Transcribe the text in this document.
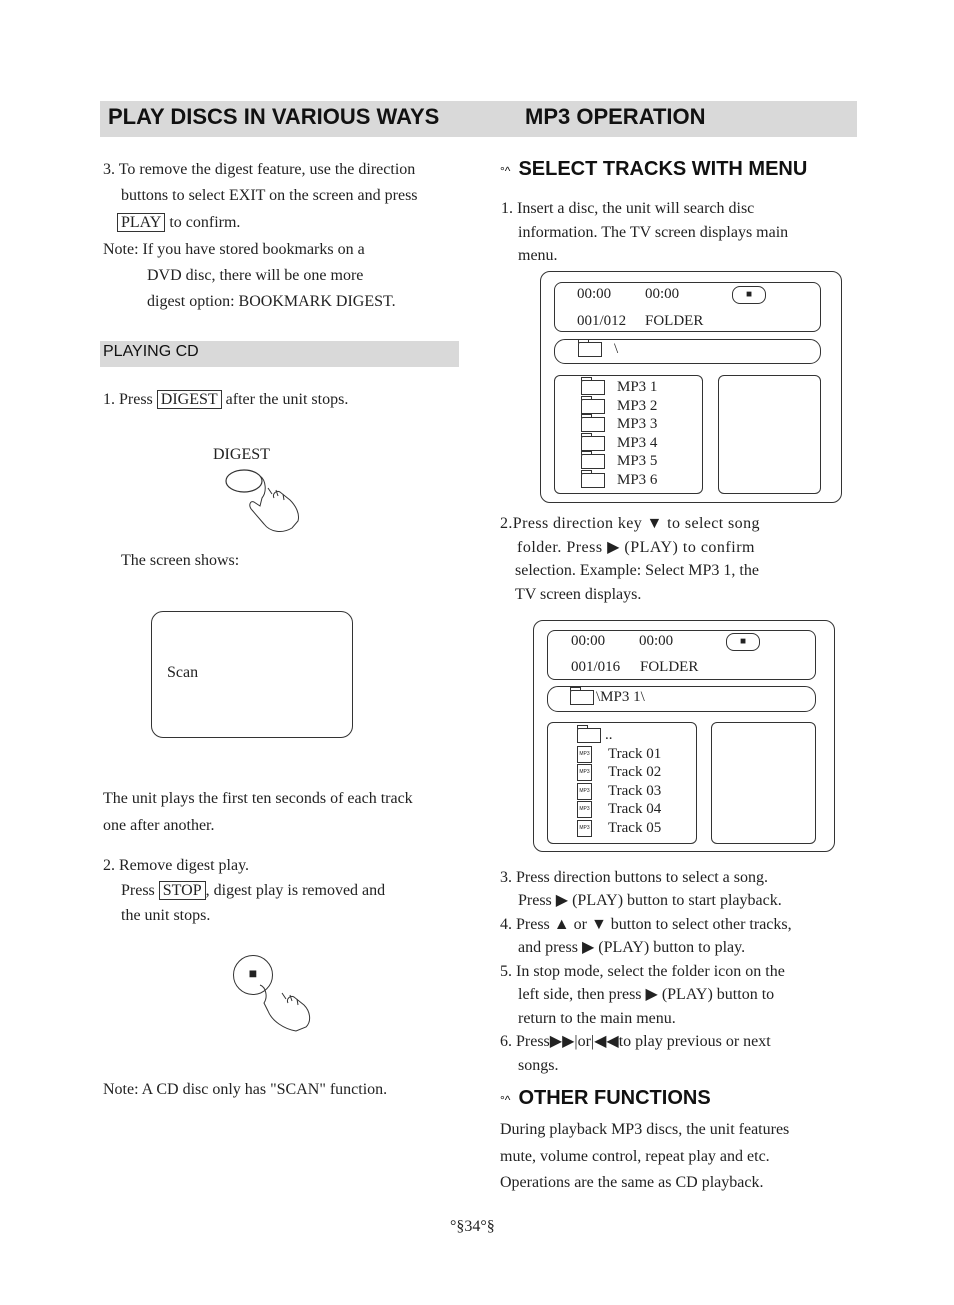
PLAY DISCS IN VARIOUS WAYS	MP3 OPERATION
3. To remove the digest feature, use the direction
buttons to select EXIT on the screen and press
PLAY to confirm.
Note: If you have stored bookmarks on a
DVD disc, there will be one more
digest option: BOOKMARK DIGEST.
PLAYING CD
1. Press DIGEST after the unit stops.
DIGEST
The screen shows:
Scan
The unit plays the first ten seconds of each track
one after another.
2. Remove digest play.
Press STOP , digest play is removed and
the unit stops.
■
Note: A CD disc only has "SCAN" function.
°^ SELECT TRACKS WITH MENU
1. Insert a disc, the unit will search disc
information. The TV screen displays main
menu.
00:00 00:00	■
001/012 FOLDER
\
MP3 1
MP3 2
MP3 3
MP3 4
MP3 5
MP3 6
2.Press direction key ▼ to select song
folder. Press ▶ (PLAY) to confirm
selection. Example: Select MP3 1, the
TV screen displays.
00:00 00:00	■
001/016 FOLDER
\MP3 1\
..
MP3 Track 01
MP3 Track 02
MP3 Track 03
MP3 Track 04
MP3 Track 05
3. Press direction buttons to select a song.
Press ▶ (PLAY) button to start playback.
4. Press ▲ or ▼ button to select other tracks,
and press ▶ (PLAY) button to play.
5. In stop mode, select the folder icon on the
left side, then press ▶ (PLAY) button to
return to the main menu.
6. Press▶▶|or|◀◀to play previous or next
songs.
°^ OTHER FUNCTIONS
During playback MP3 discs, the unit features
mute, volume control, repeat play and etc.
Operations are the same as CD playback.
°§34°§
